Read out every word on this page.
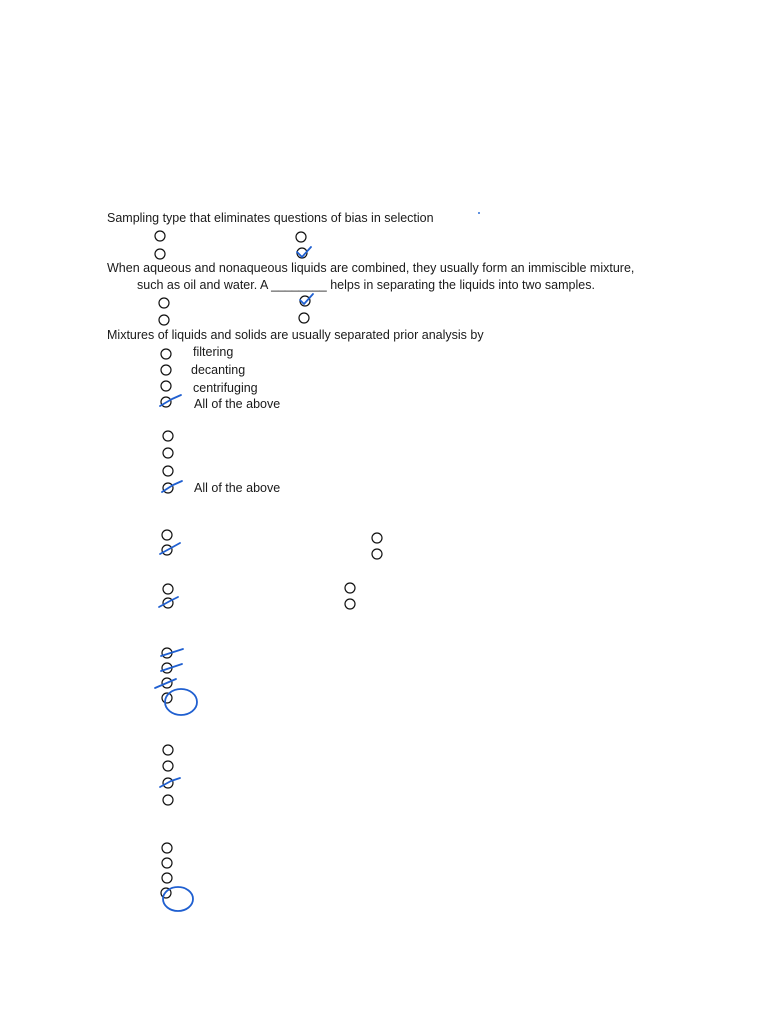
Sampling type that eliminates questions of bias in selection
When aqueous and nonaqueous liquids are combined, they usually form an immiscible mixture,
such as oil and water. A ________ helps in separating the liquids into two samples.
Mixtures of liquids and solids are usually separated prior analysis by
filtering
decanting
centrifuging
All of the above
All of the above
